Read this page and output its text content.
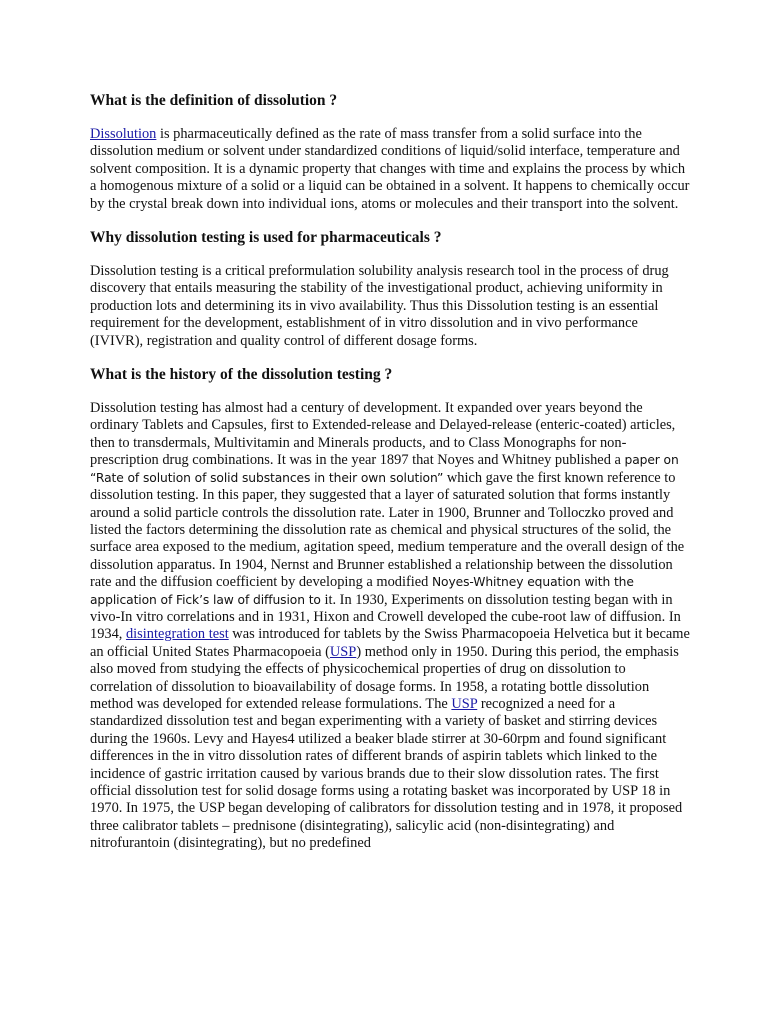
What is the definition of dissolution ?

Dissolution is pharmaceutically defined as the rate of mass transfer from a solid surface into the dissolution medium or solvent under standardized conditions of liquid/solid interface, temperature and solvent composition. It is a dynamic property that changes with time and explains the process by which a homogenous mixture of a solid or a liquid can be obtained in a solvent. It happens to chemically occur by the crystal break down into individual ions, atoms or molecules and their transport into the solvent.

Why dissolution testing is used for pharmaceuticals ?

Dissolution testing is a critical preformulation solubility analysis research tool in the process of drug discovery that entails measuring the stability of the investigational product, achieving uniformity in production lots and determining its in vivo availability. Thus this Dissolution testing is an essential requirement for the development, establishment of in vitro dissolution and in vivo performance (IVIVR), registration and quality control of different dosage forms.

What is the history of the dissolution testing ?

Dissolution testing has almost had a century of development. It expanded over years beyond the ordinary Tablets and Capsules, first to Extended-release and Delayed-release (enteric-coated) articles, then to transdermals, Multivitamin and Minerals products, and to Class Monographs for non-prescription drug combinations. It was in the year 1897 that Noyes and Whitney published a paper on “Rate of solution of solid substances in their own solution” which gave the first known reference to dissolution testing. In this paper, they suggested that a layer of saturated solution that forms instantly around a solid particle controls the dissolution rate. Later in 1900, Brunner and Tolloczko proved and listed the factors determining the dissolution rate as chemical and physical structures of the solid, the surface area exposed to the medium, agitation speed, medium temperature and the overall design of the dissolution apparatus. In 1904, Nernst and Brunner established a relationship between the dissolution rate and the diffusion coefficient by developing a modified Noyes-Whitney equation with the application of Fick’s law of diffusion to it. In 1930, Experiments on dissolution testing began with in vivo-In vitro correlations and in 1931, Hixon and Crowell developed the cube-root law of diffusion. In 1934, disintegration test was introduced for tablets by the Swiss Pharmacopoeia Helvetica but it became an official United States Pharmacopoeia (USP) method only in 1950. During this period, the emphasis also moved from studying the effects of physicochemical properties of drug on dissolution to correlation of dissolution to bioavailability of dosage forms. In 1958, a rotating bottle dissolution method was developed for extended release formulations. The USP recognized a need for a standardized dissolution test and began experimenting with a variety of basket and stirring devices during the 1960s. Levy and Hayes4 utilized a beaker blade stirrer at 30-60rpm and found significant differences in the in vitro dissolution rates of different brands of aspirin tablets which linked to the incidence of gastric irritation caused by various brands due to their slow dissolution rates. The first official dissolution test for solid dosage forms using a rotating basket was incorporated by USP 18 in 1970. In 1975, the USP began developing of calibrators for dissolution testing and in 1978, it proposed three calibrator tablets – prednisone (disintegrating), salicylic acid (non-disintegrating) and nitrofurantoin (disintegrating), but no predefined
